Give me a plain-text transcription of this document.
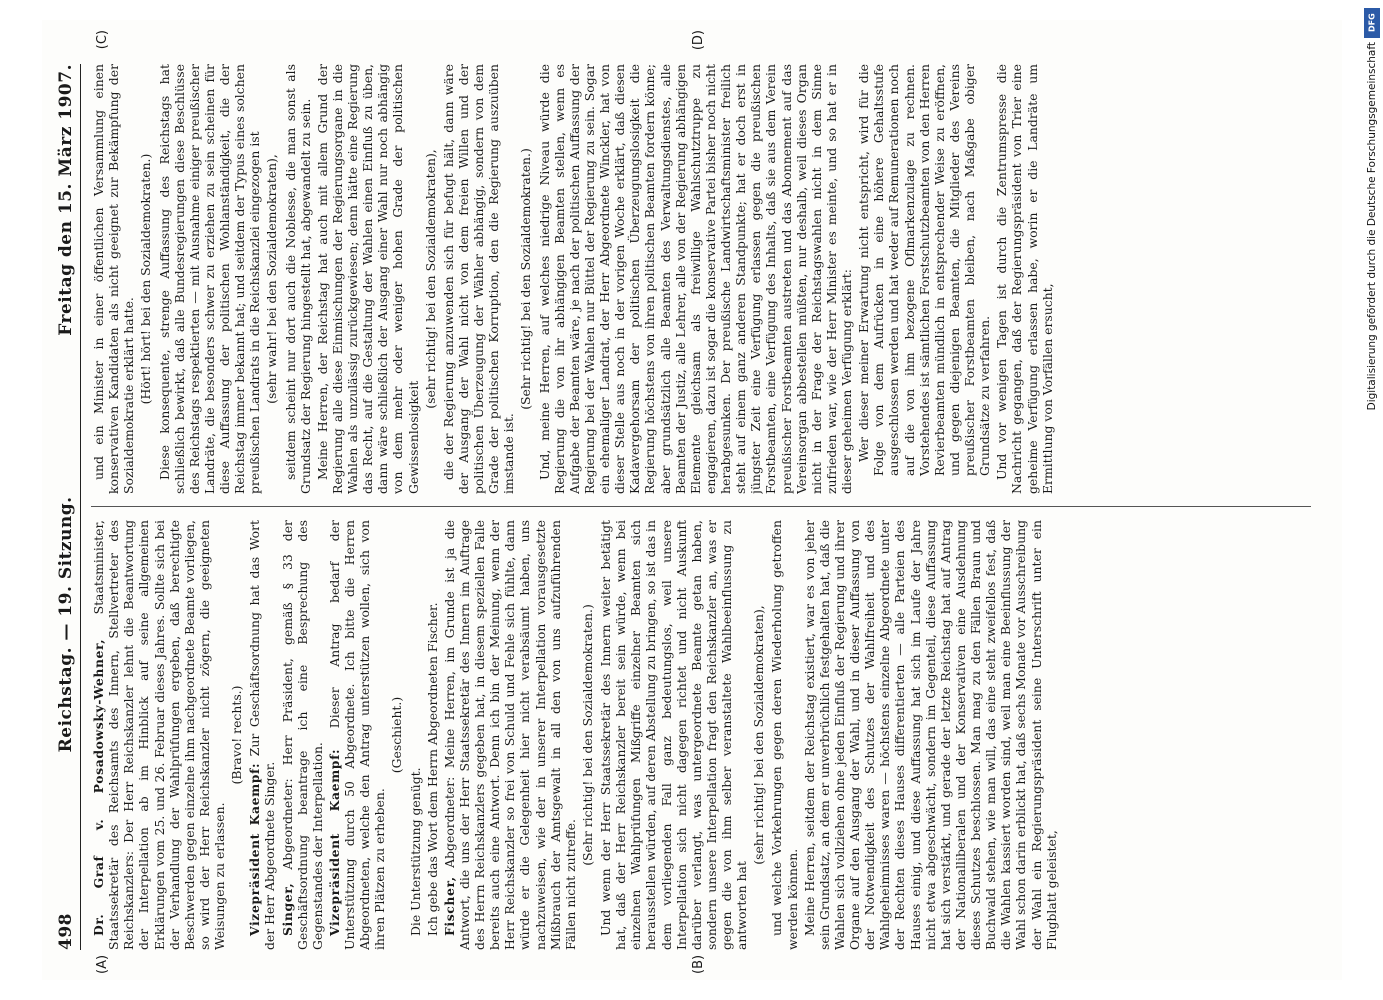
498
Reichstag. — 19. Sitzung.
Freitag den 15. März 1907.
(A)	(B)
(C)	(D)

Dr. Graf v. Posadowsky-Wehner, Staatsminister, Staatssekretär des Reichsamts des Innern, Stellvertreter des Reichskanzlers: Der Herr Reichskanzler lehnt die Beantwortung der Interpellation ab im Hinblick auf seine allgemeinen Erklärungen vom 25. und 26. Februar dieses Jahres. Sollte sich bei der Verhandlung der Wahlprüfungen ergeben, daß berechtigte Beschwerden gegen einzelne ihm nachgeordnete Beamte vorliegen, so wird der Herr Reichskanzler nicht zögern, die geeigneten Weisungen zu erlassen.

(Bravo! rechts.)

Vizepräsident Kaempf: Zur Geschäftsordnung hat das Wort der Herr Abgeordnete Singer. Singer, Abgeordneter: Herr Präsident, gemäß § 33 der Geschäftsordnung beantrage ich eine Besprechung des Gegenstandes der Interpellation. Vizepräsident Kaempf: Dieser Antrag bedarf der Unterstützung durch 50 Abgeordnete. Ich bitte die Herren Abgeordneten, welche den Antrag unterstützen wollen, sich von ihren Plätzen zu erheben.

(Geschieht.)

Die Unterstützung genügt. Ich gebe das Wort dem Herrn Abgeordneten Fischer. Fischer, Abgeordneter: Meine Herren, im Grunde ist ja die Antwort, die uns der Herr Staatssekretär des Innern im Auftrage des Herrn Reichskanzlers gegeben hat, in diesem speziellen Falle bereits auch eine Antwort. Denn ich bin der Meinung, wenn der Herr Reichskanzler so frei von Schuld und Fehle sich fühlte, dann würde er die Gelegenheit hier nicht verabsäumt haben, uns nachzuweisen, wie der in unserer Interpellation vorausgesetzte Mißbrauch der Amtsgewalt in all den von uns aufzuführenden Fällen nicht zutreffe.

(Sehr richtig! bei den Sozialdemokraten.) Und wenn der Herr Staatssekretär des Innern weiter betätigt hat, daß der Herr Reichskanzler bereit sein würde, wenn bei einzelnen Wahlprüfungen Mißgriffe einzelner Beamten sich herausstellen würden, auf deren Abstellung zu bringen, so ist das in dem vorliegenden Fall ganz bedeutungslos, weil unsere Interpellation sich nicht dagegen richtet und nicht Auskunft darüber verlangt, was untergeordnete Beamte getan haben, sondern unsere Interpellation fragt den Reichskanzler an, was er gegen die von ihm selber veranstaltete Wahlbeeinflussung zu antworten hat

(sehr richtig! bei den Sozialdemokraten), und welche Vorkehrungen gegen deren Wiederholung getroffen werden können. Meine Herren, seitdem der Reichstag existiert, war es von jeher sein Grundsatz, an dem er unverbrüchlich festgehalten hat, daß die Wahlen sich vollziehen ohne jeden Einfluß der Regierung und ihrer Organe auf den Ausgang der Wahl, und in dieser Auffassung von der Notwendigkeit des Schutzes der Wahlfreiheit und des Wahlgeheimnisses waren — höchstens einzelne Abgeordnete unter der Rechten dieses Hauses differentierten — alle Parteien des Hauses einig, und diese Auffassung hat sich im Laufe der Jahre nicht etwa abgeschwächt, sondern im Gegenteil, diese Auffassung hat sich verstärkt, und gerade der letzte Reichstag hat auf Antrag der Nationalliberalen und der Konservativen eine Ausdehnung dieses Schutzes beschlossen. Man mag zu den Fällen Braun und Buchwald stehen, wie man will, das eine steht zweifellos fest, daß die Wahlen kassiert worden sind, weil man eine Beeinflussung der Wahl schon darin erblickt hat, daß sechs Monate vor Ausschreibung der Wahl ein Regierungspräsident seine Unterschrift unter ein Flugblatt geleistet,

und ein Minister in einer öffentlichen Versammlung einen konservativen Kandidaten als nicht geeignet zur Bekämpfung der Sozialdemokratie erklärt hatte. (Hört! hört! bei den Sozialdemokraten.) Diese konsequente, strenge Auffassung des Reichstags hat schließlich bewirkt, daß alle Bundesregierungen diese Beschlüsse des Reichstags respektierten — mit Ausnahme einiger preußischer Landräte, die besonders schwer zu erziehen zu sein scheinen für diese Auffassung der politischen Wohlanständigkeit, die der Reichstag immer bekannt hat; und seitdem der Typus eines solchen preußischen Landrats in die Reichskanzlei eingezogen ist (sehr wahr! bei den Sozialdemokraten), seitdem scheint nur dort auch die Noblesse, die man sonst als Grundsatz der Regierung hingestellt hat, abgewandelt zu sein. Meine Herren, der Reichstag hat auch mit allem Grund der Regierung alle diese Einmischungen der Regierungsorgane in die Wahlen als unzulässig zurückgewiesen; denn hätte eine Regierung das Recht, auf die Gestaltung der Wahlen einen Einfluß zu üben, dann wäre schließlich der Ausgang einer Wahl nur noch abhängig von dem mehr oder weniger hohen Grade der politischen Gewissenlosigkeit

(sehr richtig! bei den Sozialdemokraten), die der Regierung anzuwenden sich für befugt hält, dann wäre der Ausgang der Wahl nicht von dem freien Willen und der politischen Überzeugung der Wähler abhängig, sondern von dem Grade der politischen Korruption, den die Regierung auszuüben imstande ist.

(Sehr richtig! bei den Sozialdemokraten.) Und, meine Herren, auf welches niedrige Niveau würde die Regierung die von ihr abhängigen Beamten stellen, wenn es Aufgabe der Beamten wäre, je nach der politischen Auffassung der Regierung bei der Wahlen nur Büttel der Regierung zu sein. Sogar ein ehemaliger Landrat, der Herr Abgeordnete Winckler, hat von dieser Stelle aus noch in der vorigen Woche erklärt, daß diesen Kadavergehorsam der politischen Überzeugungslosigkeit die Regierung höchstens von ihren politischen Beamten fordern könne; aber grundsätzlich alle Beamten des Verwaltungsdienstes, alle Beamten der Justiz, alle Lehrer, alle von der Regierung abhängigen Elemente gleichsam als freiwillige Wahlschutztruppe zu engagieren, dazu ist sogar die konservative Partei bisher noch nicht herabgesunken. Der preußische Landwirtschaftsminister freilich steht auf einem ganz anderen Standpunkte; hat er doch erst in jüngster Zeit eine Verfügung erlassen gegen die preußischen Forstbeamten, eine Verfügung des Inhalts, daß sie aus dem Verein preußischer Forstbeamten austreten und das Abonnement auf das Vereinsorgan abbestellen müßten, nur deshalb, weil dieses Organ nicht in der Frage der Reichstagswahlen nicht in dem Sinne zufrieden war, wie der Herr Minister es meinte, und so hat er in dieser geheimen Verfügung erklärt: Wer dieser meiner Erwartung nicht entspricht, wird für die Folge von dem Aufrücken in eine höhere Gehaltsstufe ausgeschlossen werden und hat weder auf Remunerationen noch auf die von ihm bezogene Oflmarkenzulage zu rechnen. Vorstehendes ist sämtlichen Forstschutzbeamten von den Herren Revierbeamten mündlich in entsprechender Weise zu eröffnen, und gegen diejenigen Beamten, die Mitglieder des Vereins preußischer Forstbeamten bleiben, nach Maßgabe obiger Grundsätze zu verfahren. Und vor wenigen Tagen ist durch die Zentrumspresse die Nachricht gegangen, daß der Regierungspräsident von Trier eine geheime Verfügung erlassen habe, worin er die Landräte um Ermittlung von Vorfällen ersucht,

DFG
Digitalisierung gefördert durch die Deutsche Forschungsgemeinschaft
